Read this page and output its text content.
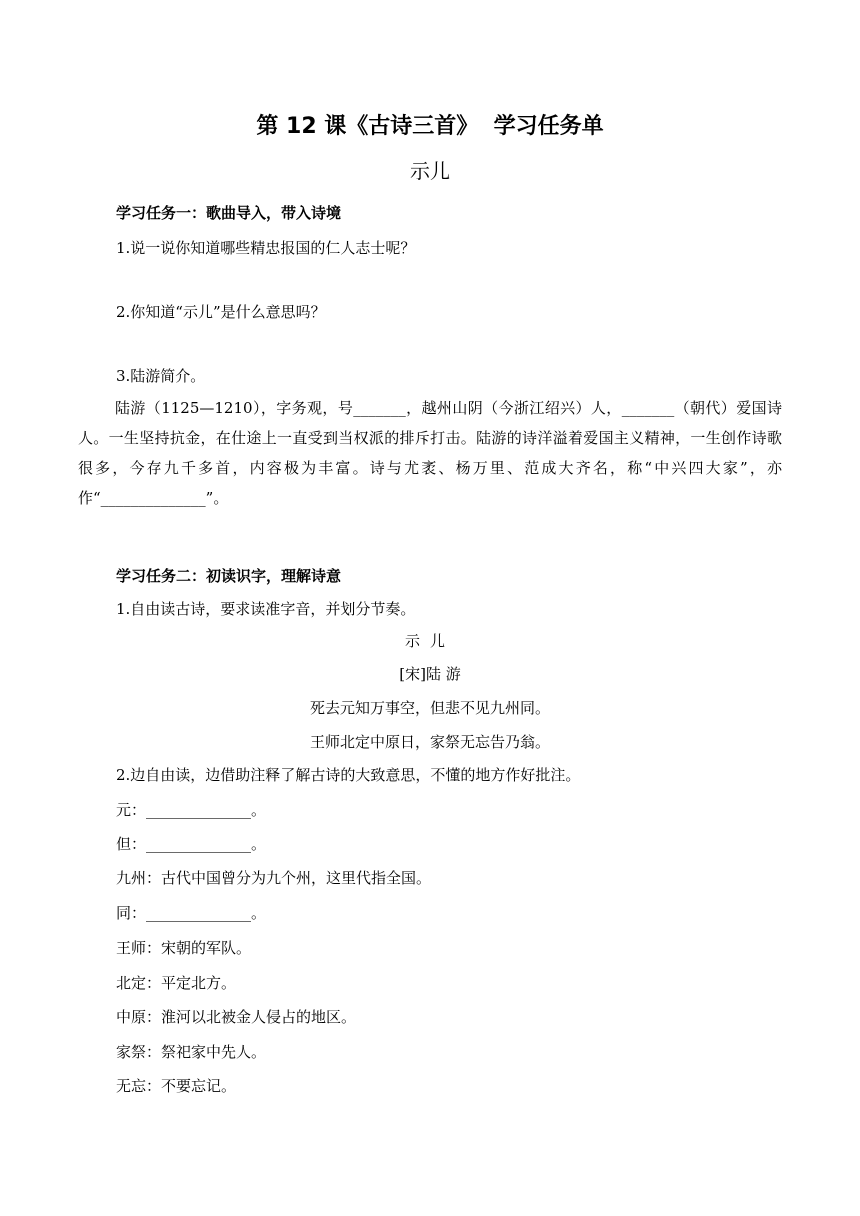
第 12 课《古诗三首》  学习任务单
示儿
学习任务一：歌曲导入，带入诗境
1.说一说你知道哪些精忠报国的仁人志士呢？
2.你知道“示儿”是什么意思吗？
3.陆游简介。
陆游（1125—1210），字务观，号_______，越州山阴（今浙江绍兴）人，_______（朝代）爱国诗人。一生坚持抗金，在仕途上一直受到当权派的排斥打击。陆游的诗洋溢着爱国主义精神，一生创作诗歌很多，今存九千多首，内容极为丰富。诗与尤袤、杨万里、范成大齐名，称“中兴四大家”，亦作“______________”。
学习任务二：初读识字，理解诗意
1.自由读古诗，要求读准字音，并划分节奏。
示儿
[宋]陆 游
死去元知万事空，但悲不见九州同。
王师北定中原日，家祭无忘告乃翁。
2.边自由读，边借助注释了解古诗的大致意思，不懂的地方作好批注。
元：______________。
但：______________。
九州：古代中国曾分为九个州，这里代指全国。
同：______________。
王师：宋朝的军队。
北定：平定北方。
中原：淮河以北被金人侵占的地区。
家祭：祭祀家中先人。
无忘：不要忘记。
